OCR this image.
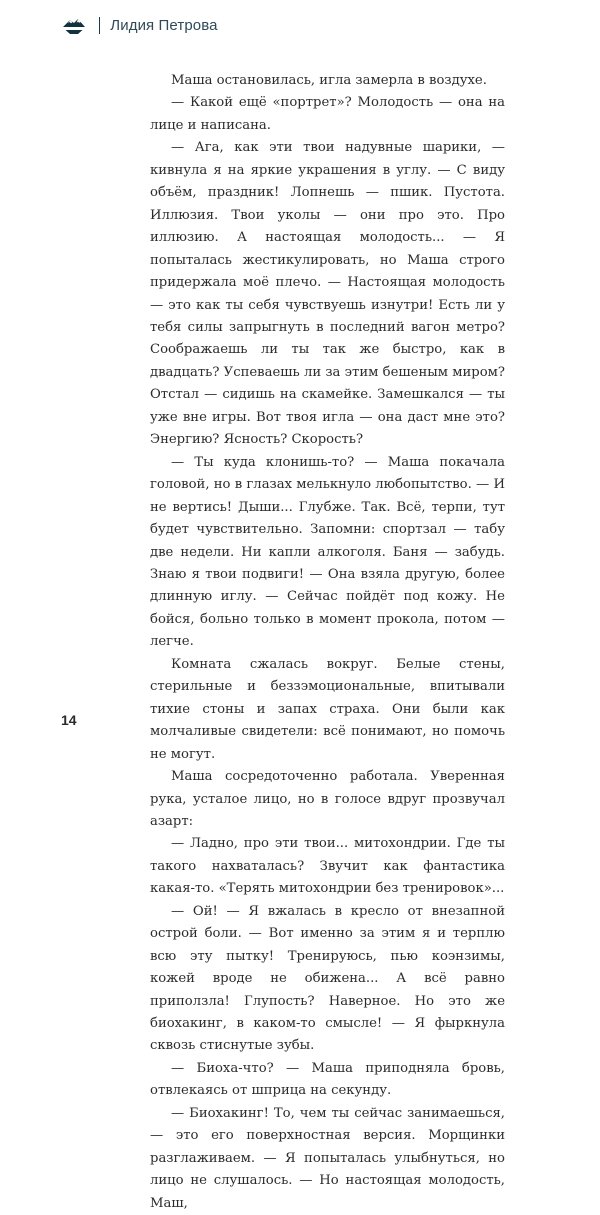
Лидия Петрова

Маша остановилась, игла замерла в воздухе.

— Какой ещё «портрет»? Молодость — она на лице и написана.

— Ага, как эти твои надувные шарики, — кивнула я на яркие украшения в углу. — С виду объём, праздник! Лопнешь — пшик. Пустота. Иллюзия. Твои уколы — они про это. Про иллюзию. А настоящая молодость... — Я попыталась жестикулировать, но Маша строго придержала моё плечо. — Настоящая молодость — это как ты себя чувствуешь изнутри! Есть ли у тебя силы запрыгнуть в последний вагон метро? Соображаешь ли ты так же быстро, как в двадцать? Успеваешь ли за этим бешеным миром? Отстал — сидишь на скамейке. Замешкался — ты уже вне игры. Вот твоя игла — она даст мне это? Энергию? Ясность? Скорость?

— Ты куда клонишь-то? — Маша покачала головой, но в глазах мелькнуло любопытство. — И не вертись! Дыши... Глубже. Так. Всё, терпи, тут будет чувствительно. Запомни: спортзал — табу две недели. Ни капли алкоголя. Баня — забудь. Знаю я твои подвиги! — Она взяла другую, более длинную иглу. — Сейчас пойдёт под кожу. Не бойся, больно только в момент прокола, потом — легче.

Комната сжалась вокруг. Белые стены, стерильные и беззэмоциональные, впитывали тихие стоны и запах страха. Они были как молчаливые свидетели: всё понимают, но помочь не могут.

Маша сосредоточенно работала. Уверенная рука, усталое лицо, но в голосе вдруг прозвучал азарт:

— Ладно, про эти твои... митохондрии. Где ты такого нахваталась? Звучит как фантастика какая-то. «Терять митохондрии без тренировок»...

— Ой! — Я вжалась в кресло от внезапной острой боли. — Вот именно за этим я и терплю всю эту пытку! Тренируюсь, пью коэнзимы, кожей вроде не обижена... А всё равно приползла! Глупость? Наверное. Но это же биохакинг, в каком-то смысле! — Я фыркнула сквозь стиснутые зубы.

— Биоха-что? — Маша приподняла бровь, отвлекаясь от шприца на секунду.

— Биохакинг! То, чем ты сейчас занимаешься, — это его поверхностная версия. Морщинки разглаживаем. — Я попыталась улыбнуться, но лицо не слушалось. — Но настоящая молодость, Маш,

14
